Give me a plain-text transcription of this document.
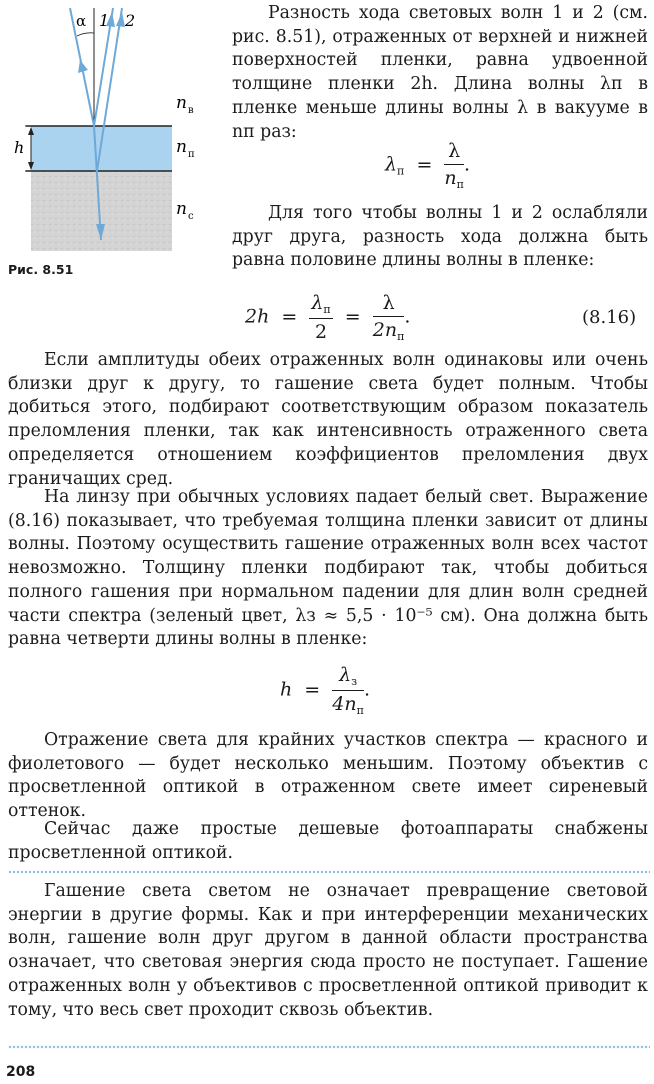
α 1 2
h
$n_в$
$n_п$
$n_с$
Рис. 8.51

Разность хода световых волн 1 и 2 (см. рис. 8.51), отраженных от верхней и нижней поверхностей пленки, равна удвоенной толщине пленки 2h. Длина волны λп в пленке меньше длины волны λ в вакууме в nп раз:

$\lambda_п = \frac{\lambda}{n_п}$ .

Для того чтобы волны 1 и 2 ослабляли друг друга, разность хода должна быть равна половине длины волны в пленке:

$2h = \frac{\lambda_п}{2} = \frac{\lambda}{2n_п}$ .	(8.16)

Если амплитуды обеих отраженных волн одинаковы или очень близки друг к другу, то гашение света будет полным. Чтобы добиться этого, подбирают соответствующим образом показатель преломления пленки, так как интенсивность отраженного света определяется отношением коэффициентов преломления двух граничащих сред.

На линзу при обычных условиях падает белый свет. Выражение (8.16) показывает, что требуемая толщина пленки зависит от длины волны. Поэтому осуществить гашение отраженных волн всех частот невозможно. Толщину пленки подбирают так, чтобы добиться полного гашения при нормальном падении для длин волн средней части спектра (зеленый цвет, λз ≈ 5,5 · 10⁻⁵ см). Она должна быть равна четверти длины волны в пленке:

$h = \frac{\lambda_з}{4n_п}$ .

Отражение света для крайних участков спектра — красного и фиолетового — будет несколько меньшим. Поэтому объектив с просветленной оптикой в отраженном свете имеет сиреневый оттенок.

Сейчас даже простые дешевые фотоаппараты снабжены просветленной оптикой.

Гашение света светом не означает превращение световой энергии в другие формы. Как и при интерференции механических волн, гашение волн друг другом в данной области пространства означает, что световая энергия сюда просто не поступает. Гашение отраженных волн у объективов с просветленной оптикой приводит к тому, что весь свет проходит сквозь объектив.

208
